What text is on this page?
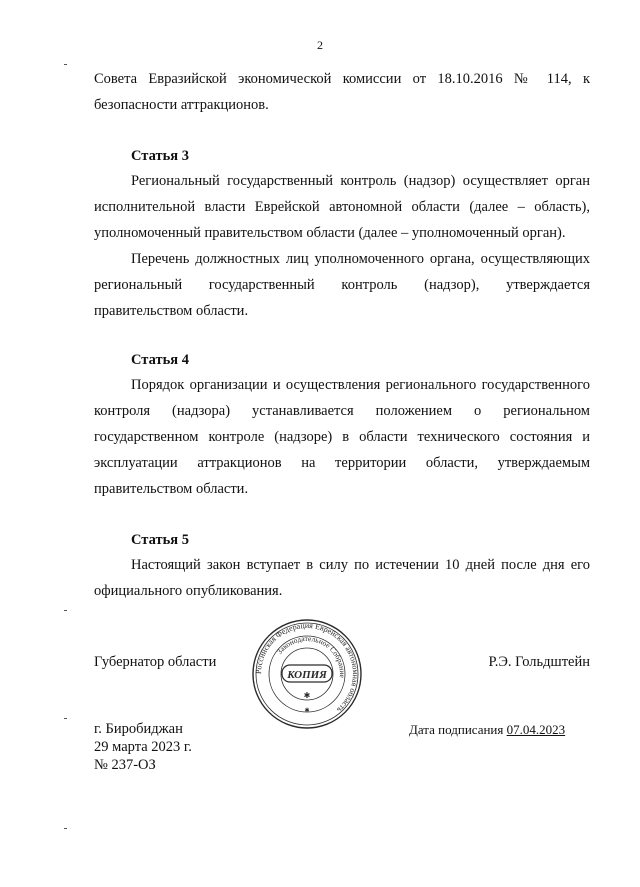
2
Совета Евразийской экономической комиссии от 18.10.2016 № 114, к безопасности аттракционов.
Статья 3
Региональный государственный контроль (надзор) осуществляет орган исполнительной власти Еврейской автономной области (далее – область), уполномоченный правительством области (далее – уполномоченный орган).
Перечень должностных лиц уполномоченного органа, осуществляющих региональный государственный контроль (надзор), утверждается правительством области.
Статья 4
Порядок организации и осуществления регионального государственного контроля (надзора) устанавливается положением о региональном государственном контроле (надзоре) в области технического состояния и эксплуатации аттракционов на территории области, утверждаемым правительством области.
Статья 5
Настоящий закон вступает в силу по истечении 10 дней после дня его официального опубликования.
Губернатор области	Р.Э. Гольдштейн
Российская Федерация Еврейская автономная область
Законодательное Собрание
КОПИЯ
✱
✱
г. Биробиджан
29 марта 2023 г.
№ 237-ОЗ
Дата подписания 07.04.2023
